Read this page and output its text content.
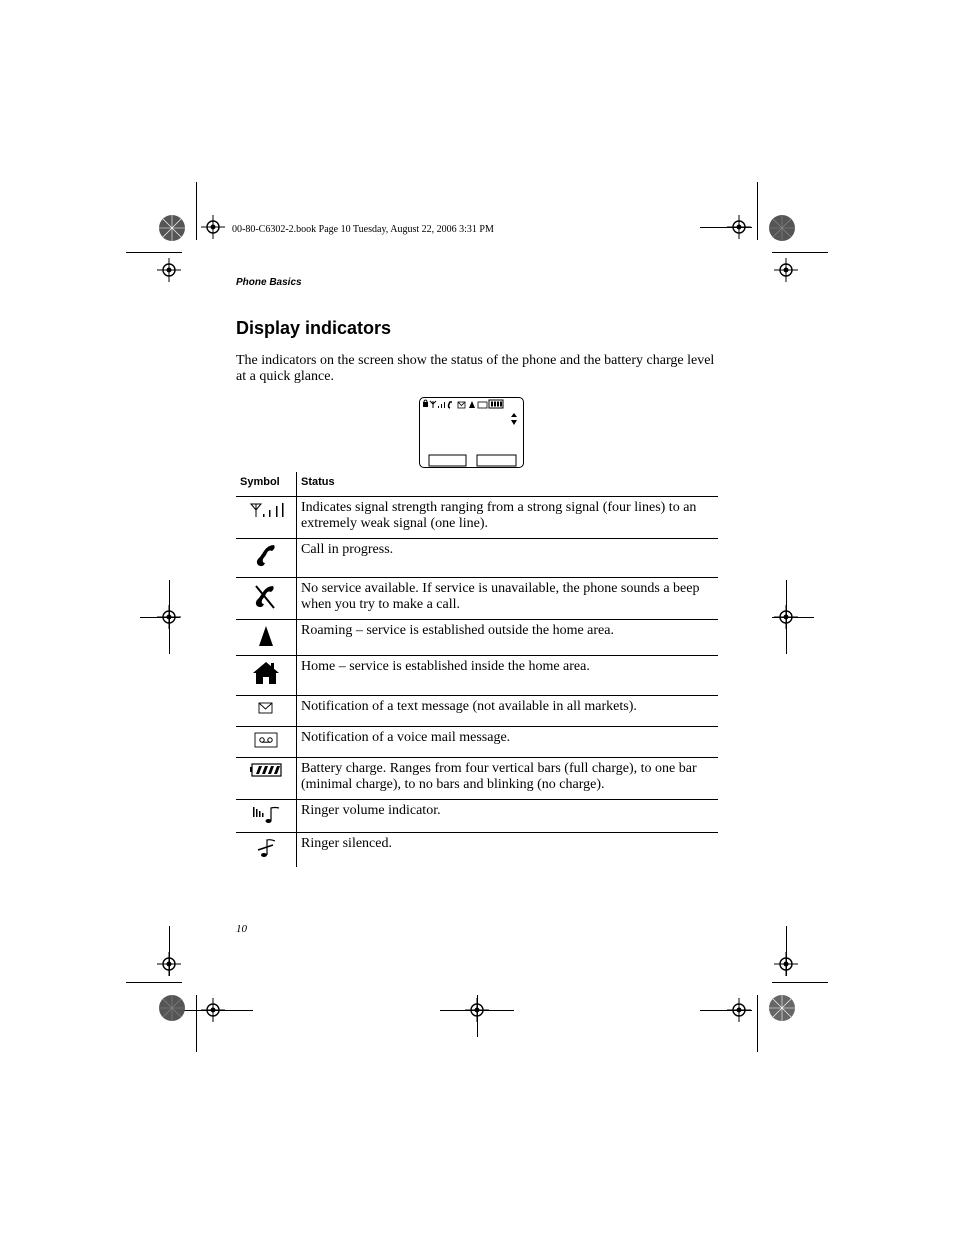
00-80-C6302-2.book Page 10 Tuesday, August 22, 2006 3:31 PM
Phone Basics
Display indicators

The indicators on the screen show the status of the phone and the battery charge level at a quick glance.

Symbol	Status
	Indicates signal strength ranging from a strong signal (four lines) to an extremely weak signal (one line).
	Call in progress.
	No service available. If service is unavailable, the phone sounds a beep when you try to make a call.
	Roaming – service is established outside the home area.
	Home – service is established inside the home area.
	Notification of a text message (not available in all markets).
	Notification of a voice mail message.
	Battery charge. Ranges from four vertical bars (full charge), to one bar (minimal charge), to no bars and blinking (no charge).
	Ringer volume indicator.
	Ringer silenced.
10
